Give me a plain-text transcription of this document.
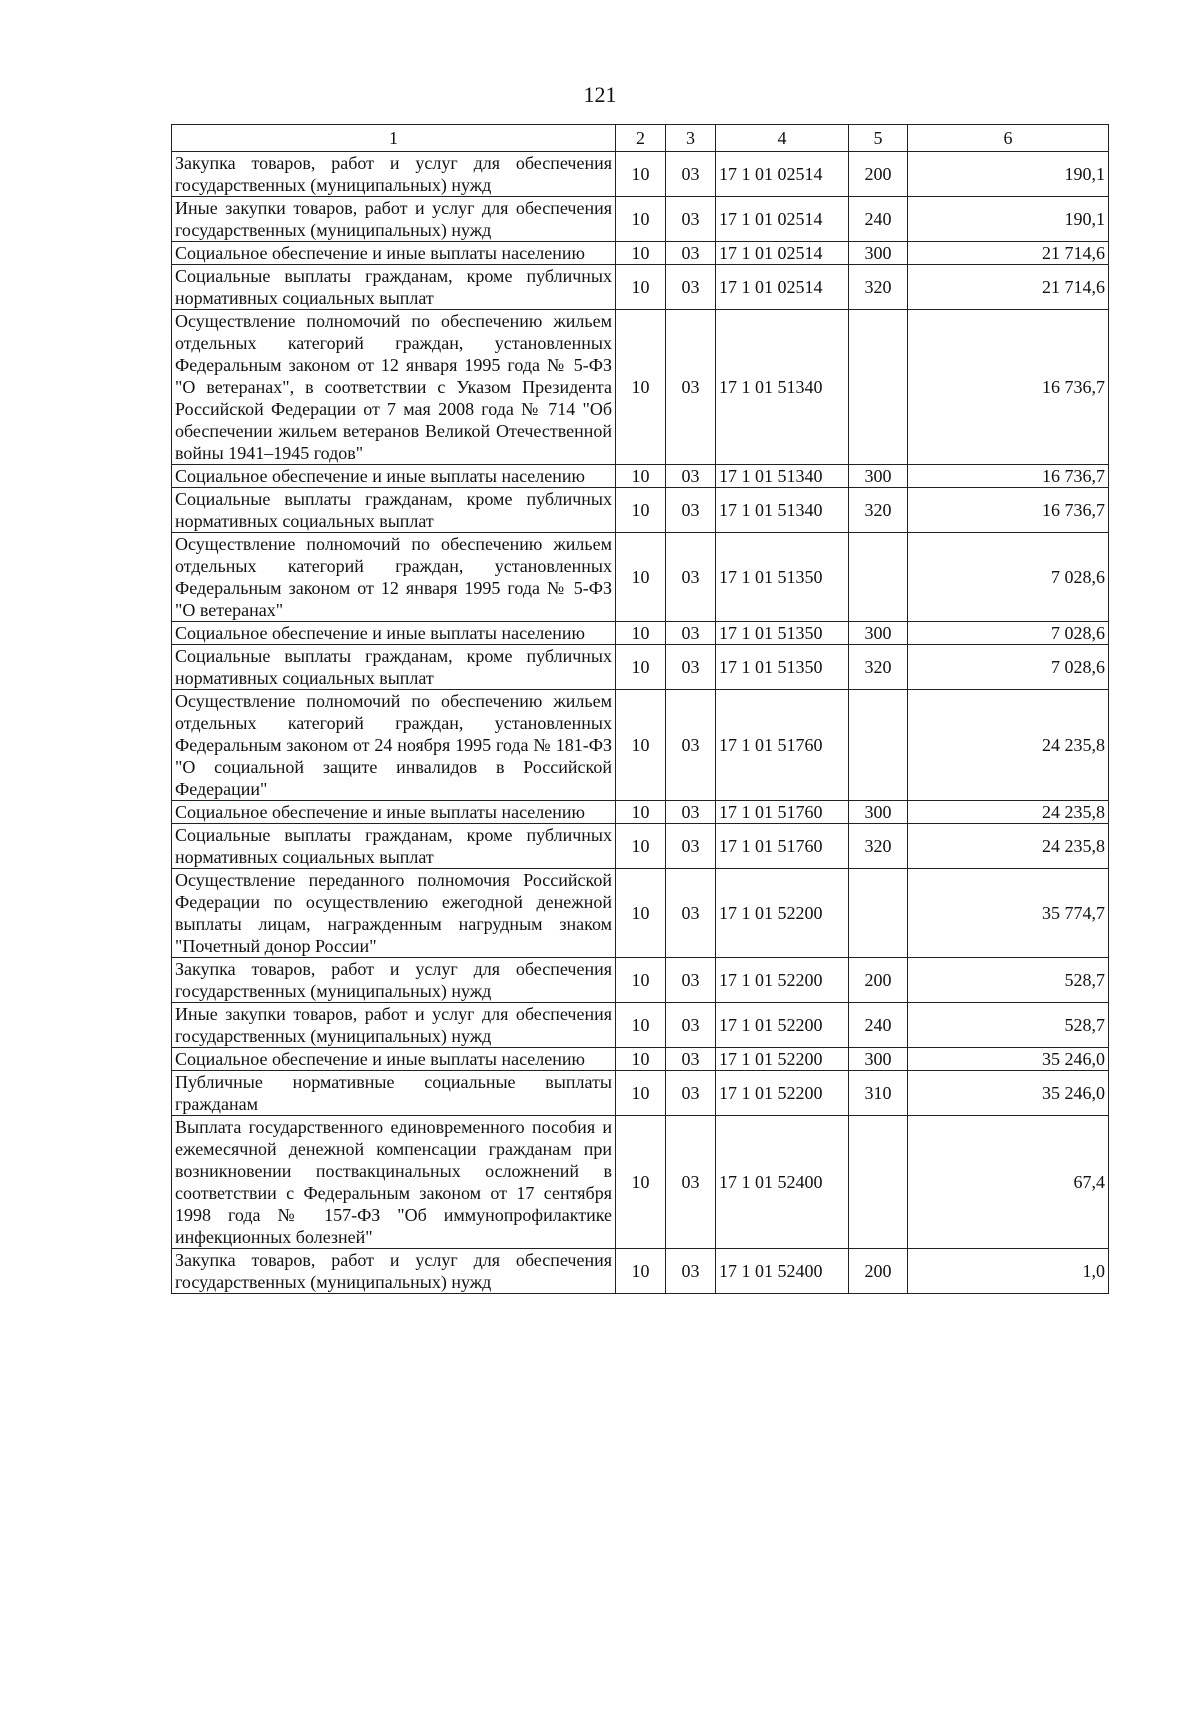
121
1	2	3	4	5	6
Закупка товаров, работ и услуг для обеспечения государственных (муниципальных) нужд	10	03	17 1 01 02514	200	190,1
Иные закупки товаров, работ и услуг для обеспечения государственных (муниципальных) нужд	10	03	17 1 01 02514	240	190,1
Социальное обеспечение и иные выплаты населению	10	03	17 1 01 02514	300	21 714,6
Социальные выплаты гражданам, кроме публичных нормативных социальных выплат	10	03	17 1 01 02514	320	21 714,6
Осуществление полномочий по обеспечению жильем отдельных категорий граждан, установленных Федеральным законом от 12 января 1995 года № 5-ФЗ "О ветеранах", в соответствии с Указом Президента Российской Федерации от 7 мая 2008 года № 714 "Об обеспечении жильем ветеранов Великой Отечественной войны 1941–1945 годов"	10	03	17 1 01 51340		16 736,7
Социальное обеспечение и иные выплаты населению	10	03	17 1 01 51340	300	16 736,7
Социальные выплаты гражданам, кроме публичных нормативных социальных выплат	10	03	17 1 01 51340	320	16 736,7
Осуществление полномочий по обеспечению жильем отдельных категорий граждан, установленных Федеральным законом от 12 января 1995 года № 5-ФЗ "О ветеранах"	10	03	17 1 01 51350		7 028,6
Социальное обеспечение и иные выплаты населению	10	03	17 1 01 51350	300	7 028,6
Социальные выплаты гражданам, кроме публичных нормативных социальных выплат	10	03	17 1 01 51350	320	7 028,6
Осуществление полномочий по обеспечению жильем отдельных категорий граждан, установленных Федеральным законом от 24 ноября 1995 года № 181-ФЗ "О социальной защите инвалидов в Российской Федерации"	10	03	17 1 01 51760		24 235,8
Социальное обеспечение и иные выплаты населению	10	03	17 1 01 51760	300	24 235,8
Социальные выплаты гражданам, кроме публичных нормативных социальных выплат	10	03	17 1 01 51760	320	24 235,8
Осуществление переданного полномочия Российской Федерации по осуществлению ежегодной денежной выплаты лицам, награжденным нагрудным знаком "Почетный донор России"	10	03	17 1 01 52200		35 774,7
Закупка товаров, работ и услуг для обеспечения государственных (муниципальных) нужд	10	03	17 1 01 52200	200	528,7
Иные закупки товаров, работ и услуг для обеспечения государственных (муниципальных) нужд	10	03	17 1 01 52200	240	528,7
Социальное обеспечение и иные выплаты населению	10	03	17 1 01 52200	300	35 246,0
Публичные нормативные социальные выплаты гражданам	10	03	17 1 01 52200	310	35 246,0
Выплата государственного единовременного пособия и ежемесячной денежной компенсации гражданам при возникновении поствакцинальных осложнений в соответствии с Федеральным законом от 17 сентября 1998 года № 157-ФЗ "Об иммунопрофилактике инфекционных болезней"	10	03	17 1 01 52400		67,4
Закупка товаров, работ и услуг для обеспечения государственных (муниципальных) нужд	10	03	17 1 01 52400	200	1,0
